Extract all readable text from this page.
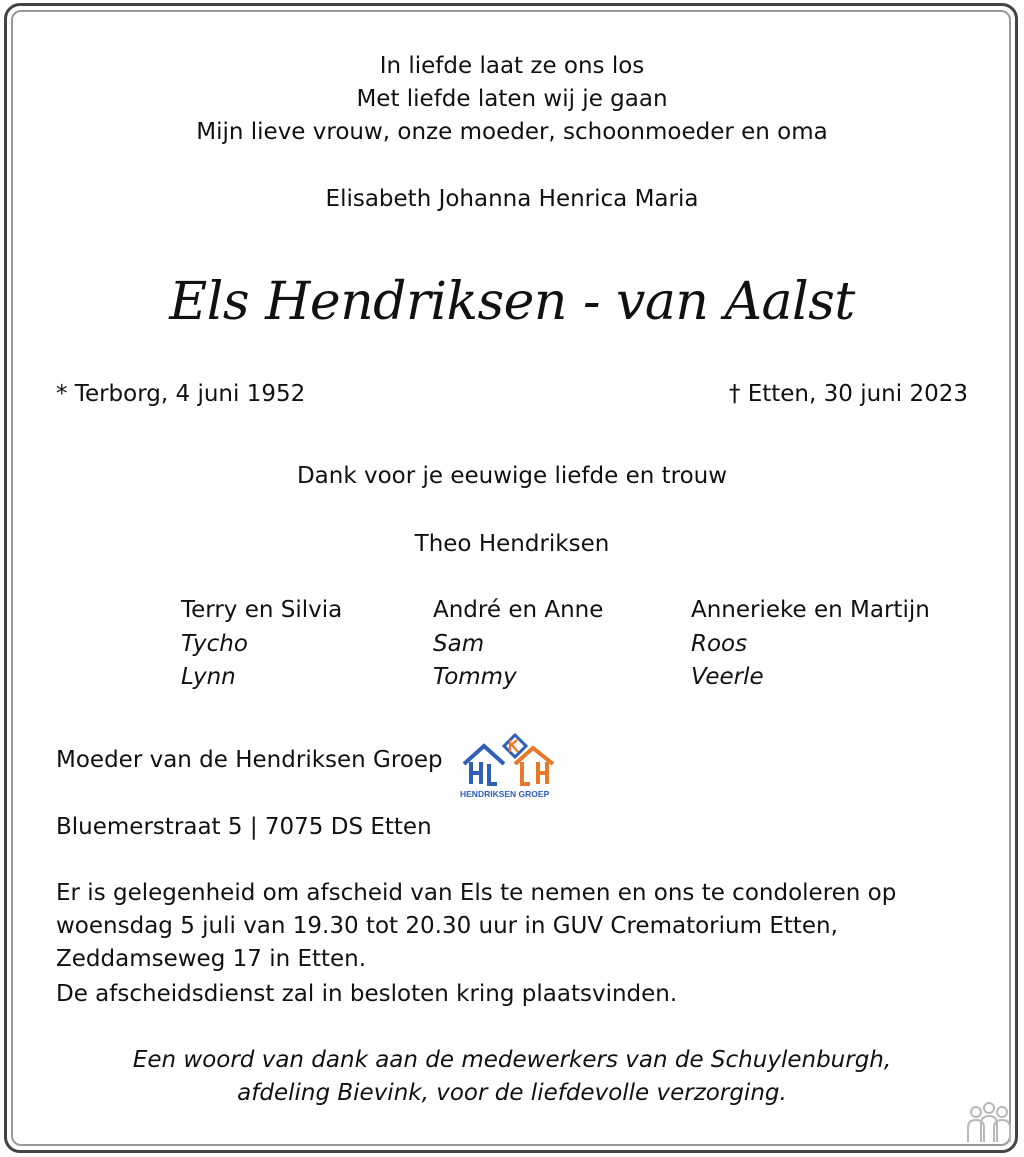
In liefde laat ze ons los
Met liefde laten wij je gaan
Mijn lieve vrouw, onze moeder, schoonmoeder en oma
Elisabeth Johanna Henrica Maria
Els Hendriksen - van Aalst
* Terborg, 4 juni 1952	† Etten, 30 juni 2023
Dank voor je eeuwige liefde en trouw
Theo Hendriksen
Terry en Silvia
Tycho
Lynn
André en Anne
Sam
Tommy
Annerieke en Martijn
Roos
Veerle
Moeder van de Hendriksen Groep
HENDRIKSEN GROEP
Bluemerstraat 5 | 7075 DS Etten
Er is gelegenheid om afscheid van Els te nemen en ons te condoleren op woensdag 5 juli van 19.30 tot 20.30 uur in GUV Crematorium Etten, Zeddamseweg 17 in Etten.
De afscheidsdienst zal in besloten kring plaatsvinden.
Een woord van dank aan de medewerkers van de Schuylenburgh,
afdeling Bievink, voor de liefdevolle verzorging.
